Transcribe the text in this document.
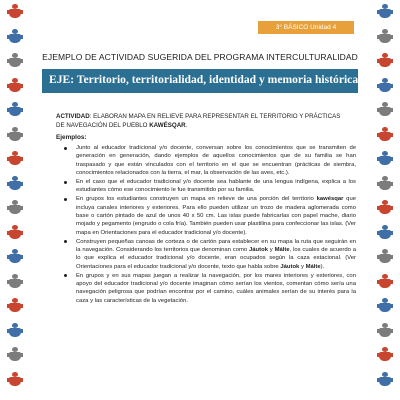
3° BÁSICO Unidad 4
EJEMPLO DE ACTIVIDAD SUGERIDA DEL PROGRAMA INTERCULTURALIDAD
EJE: Territorio, territorialidad, identidad y memoria histórica.
ACTIVIDAD: ELABORAN MAPA EN RELIEVE PARA REPRESENTAR EL TERRITORIO Y PRÁCTICAS DE NAVEGACIÓN DEL PUEBLO KAWÉSQAR.
Ejemplos:
Junto al educador tradicional y/o docente, conversan sobre los conocimientos que se transmiten de generación en generación, dando ejemplos de aquellos conocimientos que de su familia se han traspasado y que están vinculados con el territorio en el que se encuentran (prácticas de siembra, conocimientos relacionados con la tierra, el mar, la observación de las aves, etc.).
En el caso que el educador tradicional y/o docente sea hablante de una lengua indígena, explica a los estudiantes cómo ese conocimiento le fue transmitido por su familia.
En grupos los estudiantes construyen un mapa en relieve de una porción del territorio kawésqar que incluya canales interiores y exteriores. Para ello pueden utilizar un trozo de madera aglomerada como base o cartón pintado de azul de unos 40 x 50 cm. Las islas puede fabricarlas con papel mache, diario mojado y pegamento (engrudo o cola fría). También pueden usar plastilina para confeccionar las islas. (Ver mapa en Orientaciones para el educador tradicional y/o docente).
Construyen pequeñas canoas de corteza o de cartón para establecer en su mapa la ruta que seguirán en la navegación. Considerando los territorios que denominan como Jáutok y Málte, los cuales de acuerdo a lo que explica el educador tradicional y/o docente, eran ocupados según la caza estacional. (Ver Orientaciones para el educador tradicional y/o docente, texto que habla sobre Jáutok y Málte).
En grupos y en sus mapas juegan a realizar la navegación, por los mares interiores y exteriores, con apoyo del educador tradicional y/o docente imaginan cómo serían los vientos, comentan cómo sería una navegación peligrosa que podrían encontrar por el camino, cuáles animales serían de su interés para la caza y las características de la vegetación.
